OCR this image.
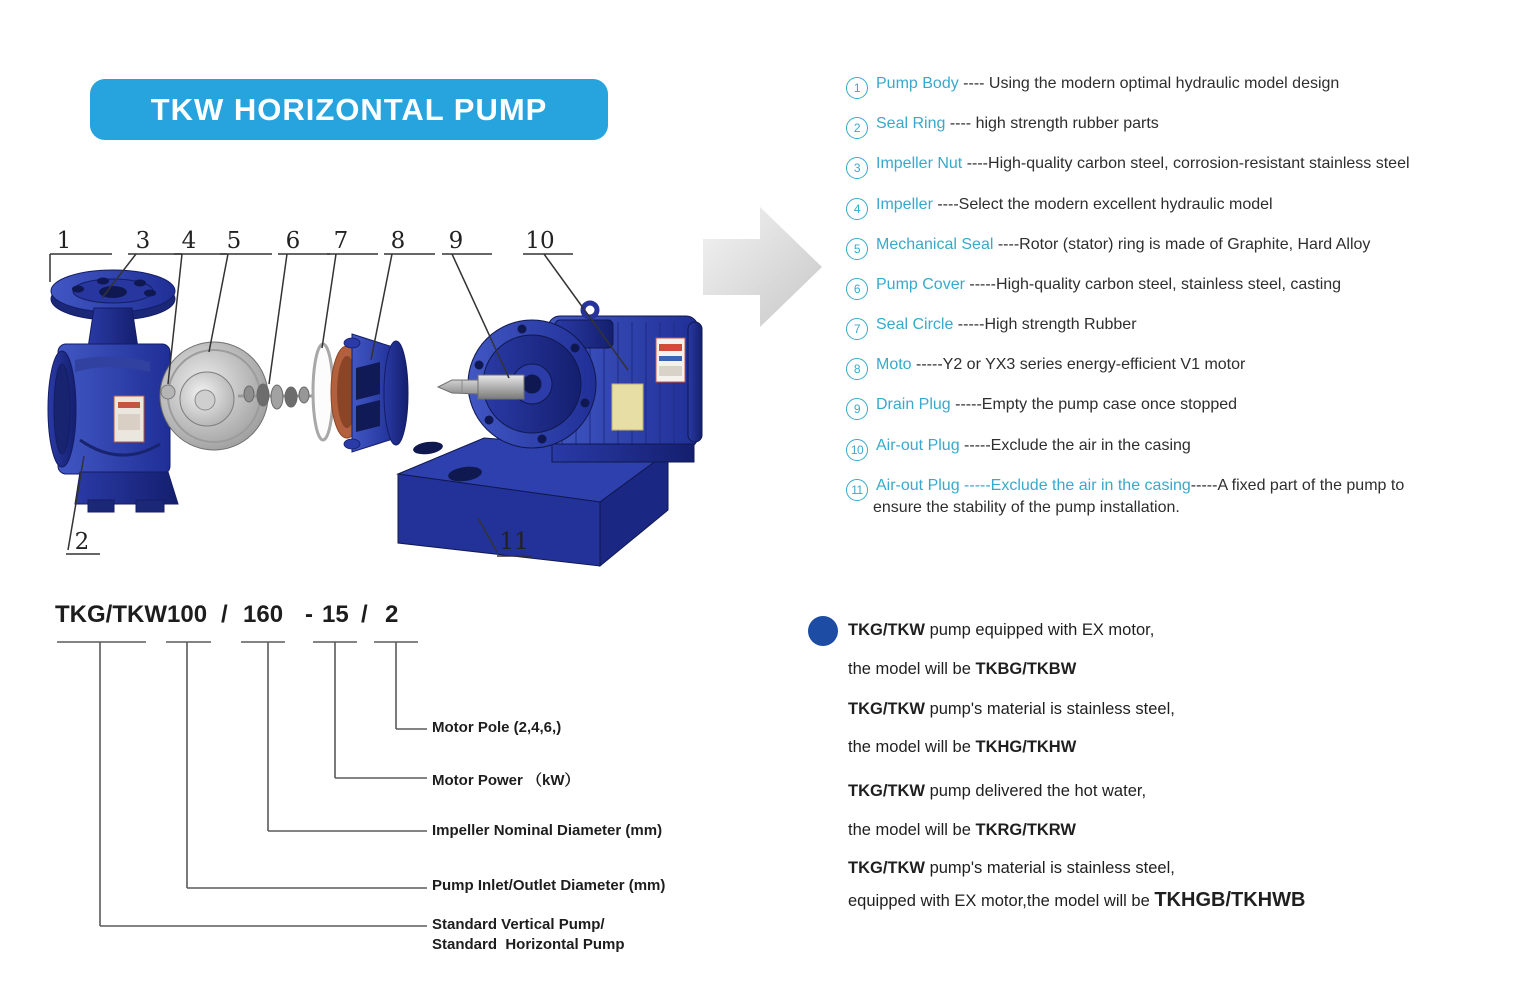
TKW HORIZONTAL PUMP
1	3 4 5 6 7 8 9	10
2	11
TKG/TKW 100 / 160 - 15 / 2
Motor Pole (2,4,6,)
Motor Power （kW）
Impeller Nominal Diameter (mm)
Pump Inlet/Outlet Diameter (mm)
Standard Vertical Pump/
Standard  Horizontal Pump
1 Pump Body ---- Using the modern optimal hydraulic model design
2 Seal Ring ---- high strength rubber parts
3 Impeller Nut ----High-quality carbon steel, corrosion-resistant stainless steel
4 Impeller ----Select the modern excellent hydraulic model
5 Mechanical Seal ----Rotor (stator) ring is made of Graphite, Hard Alloy
6 Pump Cover -----High-quality carbon steel, stainless steel, casting
7 Seal Circle -----High strength Rubber
8 Moto -----Y2 or YX3 series energy-efficient V1 motor
9 Drain Plug -----Empty the pump case once stopped
10 Air-out Plug -----Exclude the air in the casing
11 Air-out Plug -----Exclude the air in the casing-----A fixed part of the pump to
ensure the stability of the pump installation.
TKG/TKW pump equipped with EX motor,
the model will be TKBG/TKBW
TKG/TKW pump's material is stainless steel,
the model will be TKHG/TKHW
TKG/TKW pump delivered the hot water,
the model will be TKRG/TKRW
TKG/TKW pump's material is stainless steel,
equipped with EX motor,the model will be TKHGB/TKHWB
